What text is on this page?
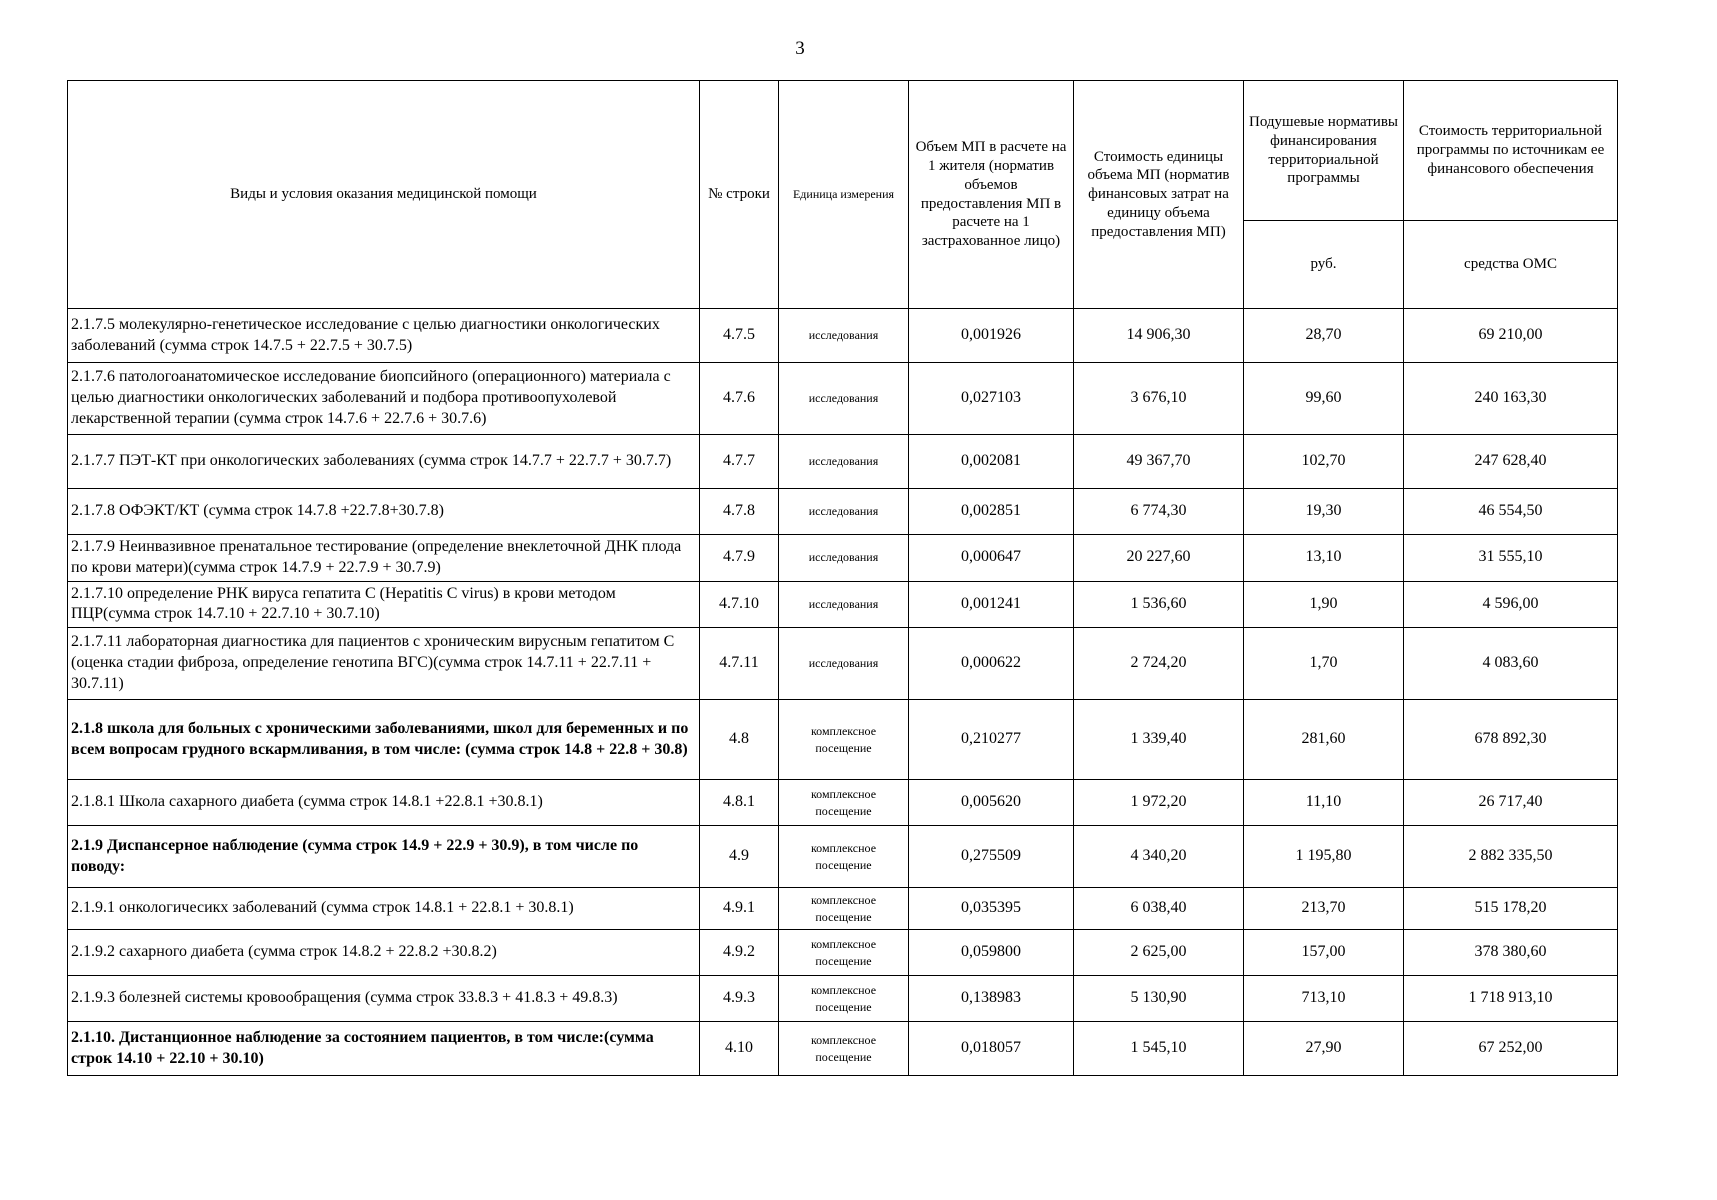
3
Виды и условия оказания медицинской помощи	№ строки	Единица измерения	Объем МП в расчете на 1 жителя (норматив объемов предоставления МП в расчете на 1 застрахованное лицо)	Стоимость единицы объема МП (норматив финансовых затрат на единицу объема предоставления МП)	Подушевые нормативы финансирования территориальной программы	Стоимость территориальной программы по источникам ее финансового обеспечения
					руб.	средства ОМС
2.1.7.5 молекулярно-генетическое исследование с целью диагностики онкологических заболеваний (сумма строк 14.7.5 + 22.7.5 + 30.7.5)	4.7.5	исследования	0,001926	14 906,30	28,70	69 210,00
2.1.7.6 патологоанатомическое исследование биопсийного (операционного) материала с целью диагностики онкологических заболеваний и подбора противоопухолевой лекарственной терапии (сумма строк 14.7.6 + 22.7.6 + 30.7.6)	4.7.6	исследования	0,027103	3 676,10	99,60	240 163,30
2.1.7.7 ПЭТ-КТ при онкологических заболеваниях (сумма строк 14.7.7 + 22.7.7 + 30.7.7)	4.7.7	исследования	0,002081	49 367,70	102,70	247 628,40
2.1.7.8 ОФЭКТ/КТ (сумма строк 14.7.8 +22.7.8+30.7.8)	4.7.8	исследования	0,002851	6 774,30	19,30	46 554,50
2.1.7.9 Неинвазивное пренатальное тестирование (определение внеклеточной ДНК плода по крови матери)(сумма строк 14.7.9 + 22.7.9 + 30.7.9)	4.7.9	исследования	0,000647	20 227,60	13,10	31 555,10
2.1.7.10 определение РНК вируса гепатита С (Hepatitis C virus) в крови методом ПЦР(сумма строк 14.7.10 + 22.7.10 + 30.7.10)	4.7.10	исследования	0,001241	1 536,60	1,90	4 596,00
2.1.7.11 лабораторная диагностика для пациентов с хроническим вирусным гепатитом С (оценка стадии фиброза, определение генотипа ВГС)(сумма строк 14.7.11 + 22.7.11 + 30.7.11)	4.7.11	исследования	0,000622	2 724,20	1,70	4 083,60
2.1.8 школа для больных с хроническими заболеваниями, школ для беременных и по всем вопросам грудного вскармливания, в том числе: (сумма строк 14.8 + 22.8 + 30.8)	4.8	комплексное посещение	0,210277	1 339,40	281,60	678 892,30
2.1.8.1 Школа сахарного диабета (сумма строк 14.8.1 +22.8.1 +30.8.1)	4.8.1	комплексное посещение	0,005620	1 972,20	11,10	26 717,40
2.1.9 Диспансерное наблюдение (сумма строк 14.9 + 22.9 + 30.9), в том числе по поводу:	4.9	комплексное посещение	0,275509	4 340,20	1 195,80	2 882 335,50
2.1.9.1 онкологичесикх заболеваний (сумма строк 14.8.1 + 22.8.1 + 30.8.1)	4.9.1	комплексное посещение	0,035395	6 038,40	213,70	515 178,20
2.1.9.2 сахарного диабета (сумма строк 14.8.2 + 22.8.2 +30.8.2)	4.9.2	комплексное посещение	0,059800	2 625,00	157,00	378 380,60
2.1.9.3 болезней системы кровообращения (сумма строк 33.8.3 + 41.8.3 + 49.8.3)	4.9.3	комплексное посещение	0,138983	5 130,90	713,10	1 718 913,10
2.1.10. Дистанционное наблюдение за состоянием пациентов, в том числе:(сумма строк 14.10 + 22.10 + 30.10)	4.10	комплексное посещение	0,018057	1 545,10	27,90	67 252,00
